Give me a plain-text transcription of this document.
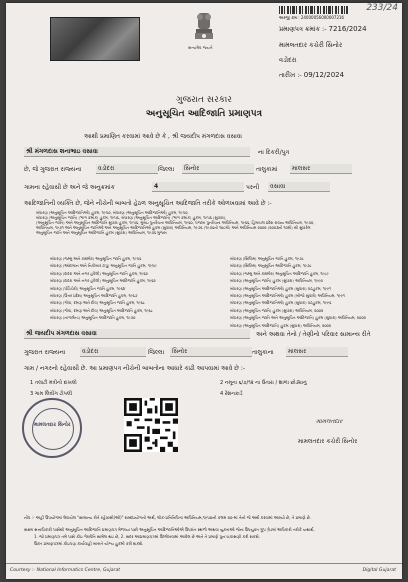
233/24
સત્યમેવ જયતે
અરજી ક્રમ : 2400005600000721б
પ્રમાણપત્ર ક્રમાંક :- 7216/2024
મામલતદાર કચેરી સિનોર
વડોદરા
તારીખ :- 09/12/2024
ગુજરાત સરકાર
અનુસૂચિત આદિજાતિ પ્રમાણપત્ર
આથી પ્રમાણિત કરવામાં આવે છે કે , શ્રી જયદીપ મંગળદાસ વસાવા
શ્રી મંગળદાસ શનાભાઇ વસાવા	ના દિકરી/પુત્ર
છે, જે ગુજરાત રાજ્યના	વડોદરા	જિલ્લા	સિનોર	તાલુકામાં	માલસર
ગામના રહેવાસી છે અને જે અનુક્રમાંક	4	પરની	વસાવા
આદિજાતિની વ્યક્તિ છે, જેને નીચેની બાબતો હેઠળ અનુસૂચિત આદિજાતિ તરીકે ઓળખવામાં આવે છે :-
બંધારણ (અનુસૂચિત આદિજાતિઓ) હુકમ, ૧૯૫૦, બંધારણ (અનુસૂચિત આદિજાતિઓ) હુકમ, ૧૯૫૦,
બંધારણ (અનુસૂચિત જાતિ) (ભાગ ક્રમાંક) હુકમ, ૧૯૫૬, બંધારણ (અનુસૂચિત આદિજાતિ) (ભાગ ક્રમાંક) હુકમ, ૧૯૫૬ (સુધારા),
(અનુસૂચિત જાતિ) અને અનુસૂચિત આદિજાતિ સુધારા હુકમ, ૧૯૫૬, મુંબઇ પુનર્રચના અધિનિયમ, ૧૯૬૦, પંજાબ પુનર્રચના અધિનિયમ, ૧૯૬૬, હિમાચલ પ્રદેશ રાજ્ય અધિનિયમ, ૧૯૭૦,
અધિનિયમ, ૧૯૭૧ અને અનુસૂચિત જાતિઓ અને અનુસૂચિત આદિજાતિઓ હુકમ (સુધારા) અધિનિયમ, ૧૯૭૬ (૧૯૭૬નો ૧૦૮મો) અને અધિનિયમ ૨૦૦૨ (૨૦૦૩નો ૧૦મો) થી સુધારેલ
અનુસૂચિત જાતિ અને અનુસૂચિત આદિજાતિ હુકમ (સુધારા) અધિનિયમ, ૧૯૭૬ મુજબ
બંધારણ (જમ્મુ અને કાશ્મીર) અનુસૂચિત જાતિ હુકમ, ૧૯૫૬
બંધારણ (આંદામાન અને નિકોબાર ટાપુ) અનુસૂચિત જાતિ હુકમ, ૧૯૫૯
બંધારણ (દાદરા અને નગર હવેલી) અનુસૂચિત જાતિ હુકમ, ૧૯૬૨
બંધારણ (દાદરા અને નગર હવેલી) અનુસૂચિત આદિજાતિ હુકમ, ૧૯૬૨
બંધારણ (પોંડિચેરી) અનુસૂચિત જાતિ હુકમ, ૧૯૬૪
બંધારણ (ઉત્તર પ્રદેશ) અનુસૂચિત આદિજાતિ હુકમ, ૧૯૬૭
બંધારણ (ગોવા, દમણ અને દીવ) અનુસૂચિત જાતિ હુકમ, ૧૯૬૮
બંધારણ (ગોવા, દમણ અને દીવ) અનુસૂચિત આદિજાતિ હુકમ, ૧૯૬૮
બંધારણ (નાગાલેન્ડ) અનુસૂચિત આદિજાતિ હુકમ, ૧૯૭૦
બંધારણ (સિક્કિમ) અનુસૂચિત જાતિ હુકમ, ૧૯૭૮
બંધારણ (સિક્કિમ) અનુસૂચિત આદિજાતિ હુકમ, ૧૯૭૮
બંધારણ (જમ્મુ અને કાશ્મીર) અનુસૂચિત આદિજાતિ હુકમ, ૧૯૮૯
બંધારણ (અનુસૂચિત જાતિ) હુકમ (સુધારા) અધિનિયમ, ૧૯૯૦
બંધારણ (અનુસૂચિત આદિજાતિઓ) હુકમ (સુધારા) વટહુકમ, ૧૯૯૧
બંધારણ (અનુસૂચિત આદિજાતિઓ) હુકમ (બીજો સુધારો) અધિનિયમ, ૧૯૯૧
બંધારણ (અનુસૂચિત આદિજાતિઓ) હુકમ (સુધારા) વટહુકમ, ૧૯૯૬
બંધારણ (અનુસૂચિત જાતિ) હુકમ (સુધારા) અધિનિયમ, ૨૦૦૨
બંધારણ (અનુસૂચિત જાતિ અને અનુસૂચિત આદિજાતિ) હુકમ (સુધારા) અધિનિયમ, ૨૦૦૨
બંધારણ (અનુસૂચિત આદિજાતિ) હુકમ (સુધારા) અધિનિયમ, ૨૦૦૨
શ્રી જયદીપ મંગળદાસ વસાવા	અને અથવા તેનો / તેણીનો પરિવાર સામાન્ય રીતે
ગુજરાત રાજ્યના	વડોદરા	જિલ્લા	સિનોર	તાલુકાના	માલસર
ગામ / નગરનો રહેવાસી છે. આ પ્રમાણપત્ર નીચેની બાબતોના આધારે કાઢી આપવામાં આવે છે :-
1 તલાટી મંત્રીનો દાખલો
3 ગામ લિવીંગ ટોપલી
2 નમૂના ૬/૭/૧૨ ના ઉતારા / શાળા છોડ્યાનું
4 રેશનકાર્ડ
મામલતદાર સિનોર	મામલતદાર
મામલતદાર કચેરી સિનોર
નોંધ :- અહીં ઉપયોગમાં લેવાયેલ "સામાન્ય રીતે રહેવાસી(ઓ)" શબ્દપ્રયોગનો અર્થ, લોક-પ્રતિનિધિત્વ અધિનિયમ,૧૯૫૦ની કલમ ૨૦-માં તેનો જે અર્થ કરવામાં આવ્યો છે, તે પ્રમાણે છે.
સક્ષમ સત્તાધિકારી પાસેથી અનુસૂચિત આદિજાતિ પ્રમાણપત્ર મેળવ્યા પછી અનુસૂચિત આદિજાતિઓએ ઉપરાંત સ્થળો અથવા યુક્તાઓ જેના ઉપયુક્ત ગ્રૂપ ગ્રેડમાં અધિકારી તરીકે યથાર્થ,
1. જો પ્રમાણપત્ર તમે પાસે કોઇ ગેરરીતિ સામેલ થઇ છે, 2. સદર આપ્રમાણપત્રમાં ઉલ્લેખવામાં આવેલ છે અને તે પ્રમાણે પુનઃચકાસણી કરી શકશે.
ઉક્ત પ્રમાણપત્રમાં કોઇપણ કાર્યવાહી બાબતે યોગ્ય હુકમો કરી શકશે.
Courtesy :- National Informatics Centre, Gujarat	Digital Gujarat
